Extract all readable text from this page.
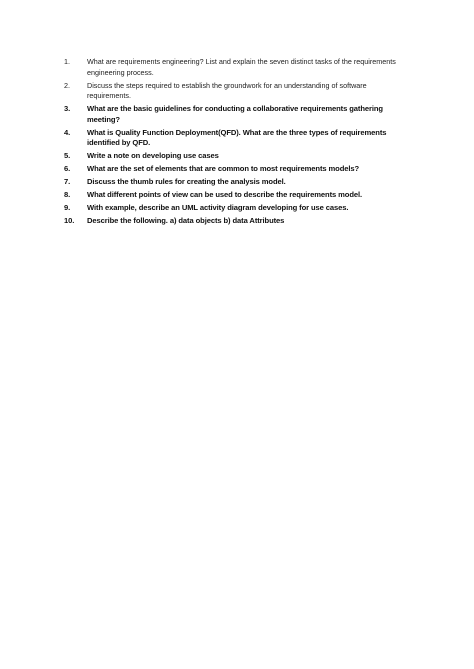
1.	What are requirements engineering? List and explain the seven distinct tasks of the requirements engineering process.
2.	Discuss the steps required to establish the groundwork for an understanding of software requirements.
3.	What are the basic guidelines for conducting a collaborative requirements gathering meeting?
4.	What is Quality Function Deployment(QFD). What are the three types of requirements identified by QFD.
5.	Write a note on developing use cases
6.	What are the set of elements that are common to most requirements models?
7.	Discuss the thumb rules for creating the analysis model.
8.	What different points of view can be used to describe the requirements model.
9.	With example, describe an UML activity diagram developing for use cases.
10.	Describe the following. a) data objects b) data Attributes
